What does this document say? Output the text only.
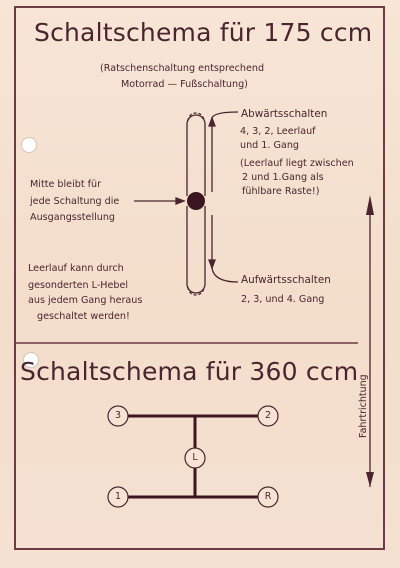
Schaltschema für 175 ccm
(Ratschenschaltung entsprechend
Motorrad — Fußschaltung)
Abwärtsschalten
4, 3, 2, Leerlauf
und 1. Gang
(Leerlauf liegt zwischen
2 und 1.Gang als
fühlbare Raste!)
Mitte bleibt für
jede Schaltung die
Ausgangsstellung
Leerlauf kann durch
gesonderten L-Hebel
aus jedem Gang heraus
geschaltet werden!
Aufwärtsschalten
2, 3, und 4. Gang
Schaltschema für 360 ccm
3	2
L
1	R
Fahrtrichtung
